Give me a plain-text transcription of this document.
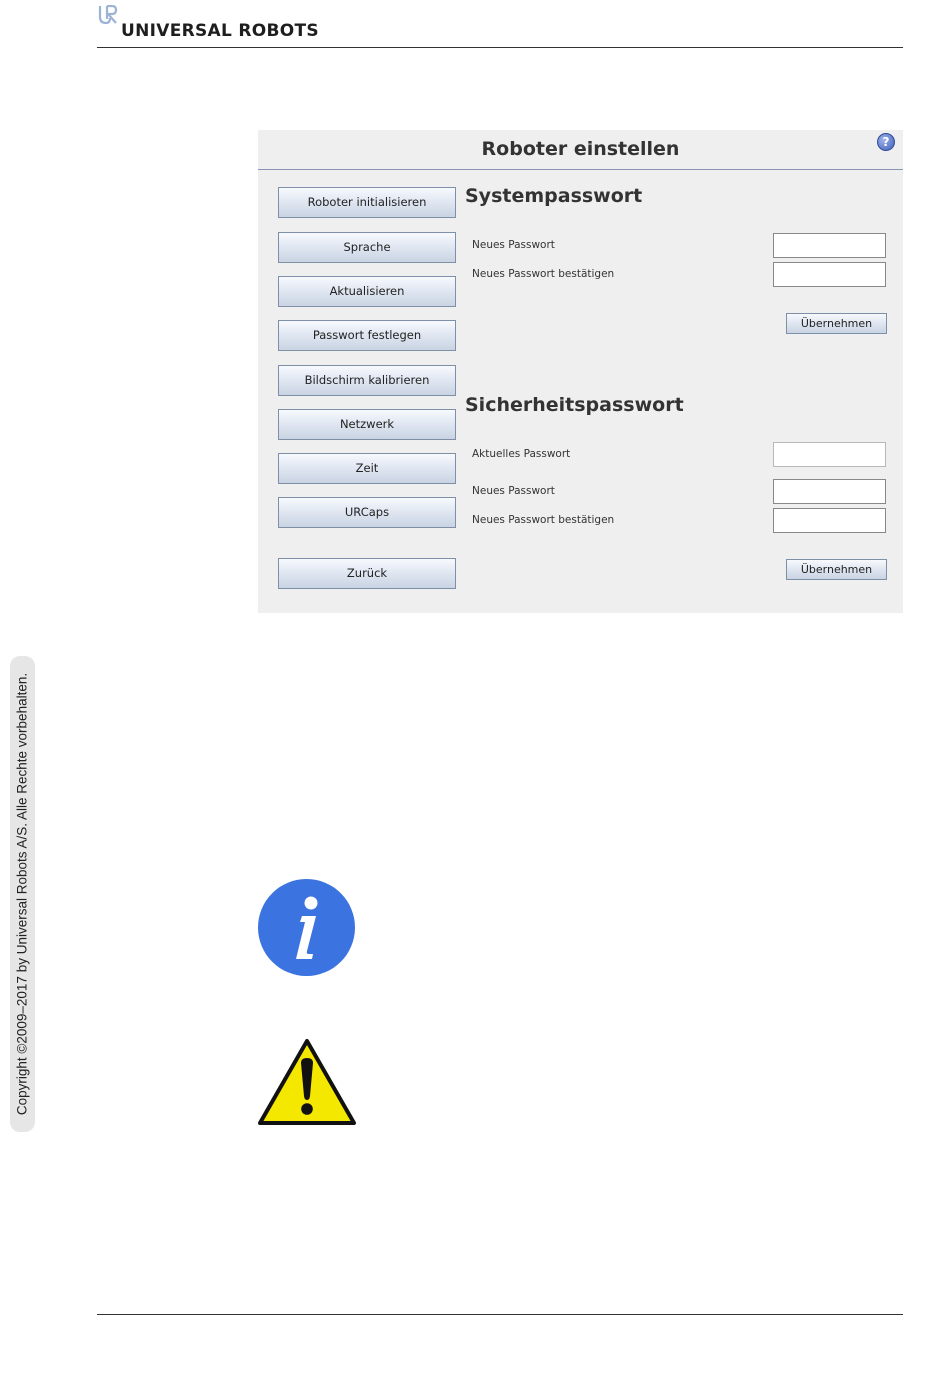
UNIVERSAL ROBOTS
Copyright ©2009–2017 by Universal Robots A/S. Alle Rechte vorbehalten.
Roboter einstellen	?
Roboter initialisieren
Sprache
Aktualisieren
Passwort festlegen
Bildschirm kalibrieren
Netzwerk
Zeit
URCaps
Zurück
Systempasswort
Neues Passwort
Neues Passwort bestätigen
Übernehmen
Sicherheitspasswort
Aktuelles Passwort
Neues Passwort
Neues Passwort bestätigen
Übernehmen
